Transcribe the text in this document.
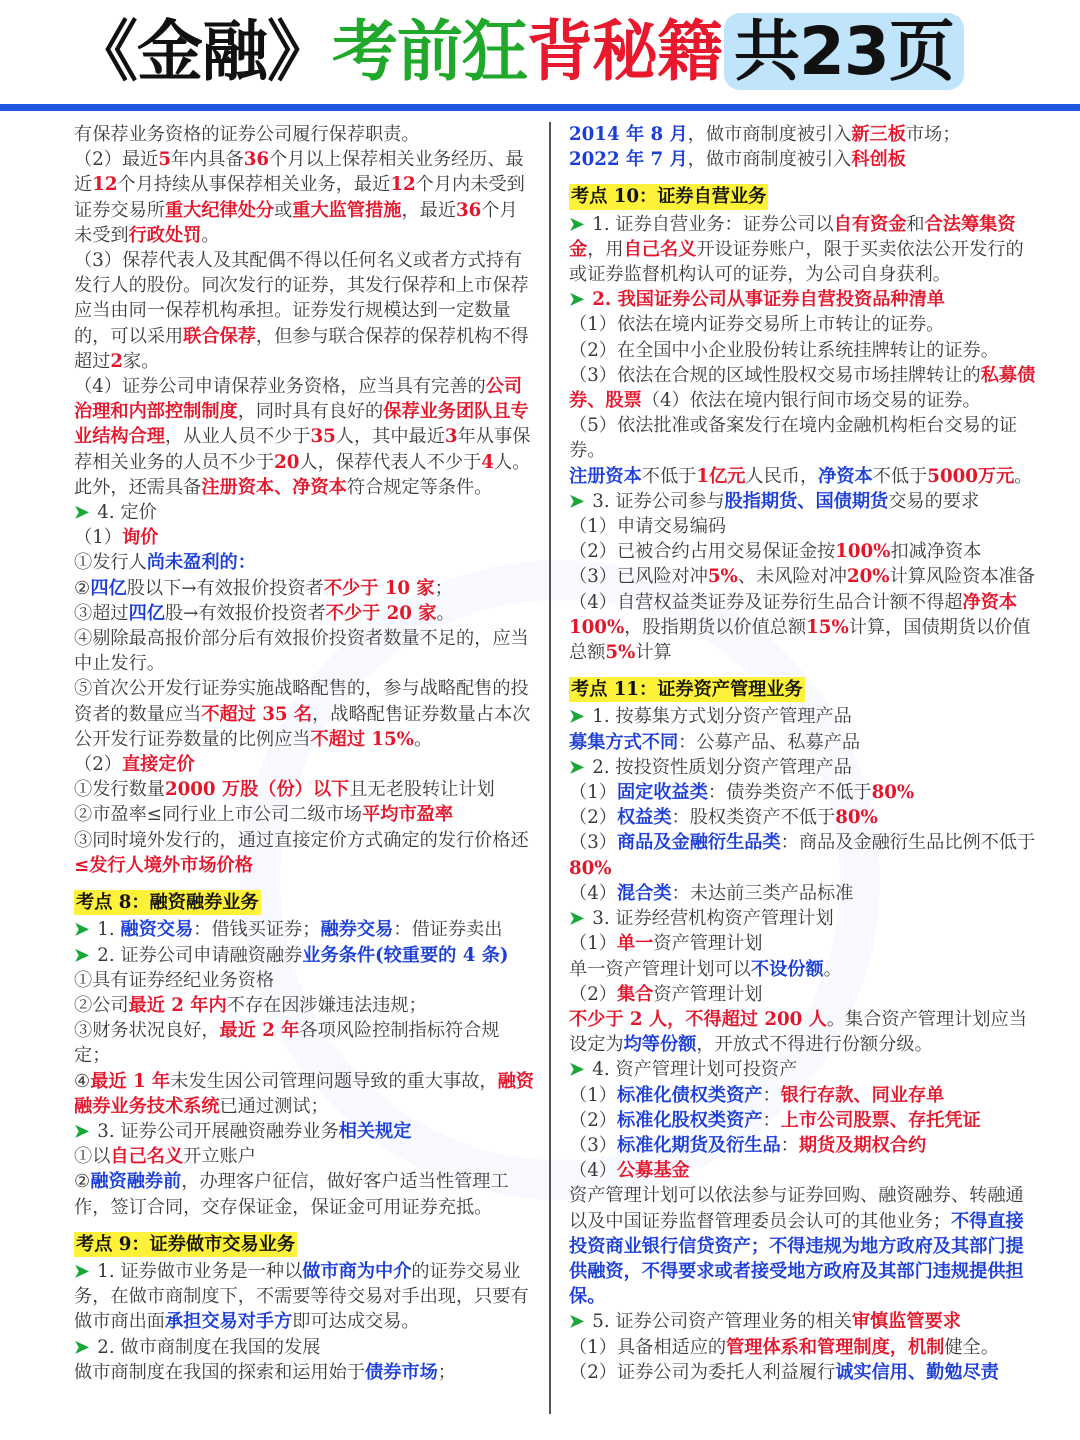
《金融》考前狂背秘籍 共23页

有保荐业务资格的证券公司履行保荐职责。

（2）最近5年内具备36个月以上保荐相关业务经历、最近12个月持续从事保荐相关业务，最近12个月内未受到证券交易所重大纪律处分或重大监管措施，最近36个月未受到行政处罚。

（3）保荐代表人及其配偶不得以任何名义或者方式持有发行人的股份。同次发行的证券，其发行保荐和上市保荐应当由同一保荐机构承担。证券发行规模达到一定数量的，可以采用联合保荐，但参与联合保荐的保荐机构不得超过2家。

（4）证券公司申请保荐业务资格，应当具有完善的公司治理和内部控制制度，同时具有良好的保荐业务团队且专业结构合理，从业人员不少于35人，其中最近3年从事保荐相关业务的人员不少于20人，保荐代表人不少于4人。此外，还需具备注册资本、净资本符合规定等条件。

➤ 4. 定价

（1）询价

①发行人尚未盈利的：

②四亿股以下→有效报价投资者不少于 10 家；

③超过四亿股→有效报价投资者不少于 20 家。

④剔除最高报价部分后有效报价投资者数量不足的，应当中止发行。

⑤首次公开发行证券实施战略配售的，参与战略配售的投资者的数量应当不超过 35 名，战略配售证券数量占本次公开发行证券数量的比例应当不超过 15%。

（2）直接定价

①发行数量2000 万股（份）以下且无老股转让计划

②市盈率≤同行业上市公司二级市场平均市盈率

③同时境外发行的，通过直接定价方式确定的发行价格还≤发行人境外市场价格

考点 8：融资融券业务

➤ 1. 融资交易：借钱买证券；融券交易：借证券卖出

➤ 2. 证券公司申请融资融券业务条件(较重要的 4 条)

①具有证券经纪业务资格

②公司最近 2 年内不存在因涉嫌违法违规；

③财务状况良好，最近 2 年各项风险控制指标符合规定；

④最近 1 年未发生因公司管理问题导致的重大事故，融资融券业务技术系统已通过测试；

➤ 3. 证券公司开展融资融券业务相关规定

①以自己名义开立账户

②融资融券前，办理客户征信，做好客户适当性管理工作，签订合同，交存保证金，保证金可用证券充抵。

考点 9：证券做市交易业务

➤ 1. 证券做市业务是一种以做市商为中介的证券交易业务，在做市商制度下，不需要等待交易对手出现，只要有做市商出面承担交易对手方即可达成交易。

➤ 2. 做市商制度在我国的发展

做市商制度在我国的探索和运用始于债券市场；

2014 年 8 月，做市商制度被引入新三板市场；

2022 年 7 月，做市商制度被引入科创板

考点 10：证券自营业务

➤ 1. 证券自营业务：证券公司以自有资金和合法筹集资金，用自己名义开设证券账户，限于买卖依法公开发行的或证券监督机构认可的证券，为公司自身获利。

➤ 2. 我国证券公司从事证券自营投资品种清单

（1）依法在境内证券交易所上市转让的证券。

（2）在全国中小企业股份转让系统挂牌转让的证券。

（3）依法在合规的区域性股权交易市场挂牌转让的私募债券、股票（4）依法在境内银行间市场交易的证券。

（5）依法批准或备案发行在境内金融机构柜台交易的证券。

注册资本不低于1亿元人民币，净资本不低于5000万元。

➤ 3. 证券公司参与股指期货、国债期货交易的要求

（1）申请交易编码

（2）已被合约占用交易保证金按100%扣减净资本

（3）已风险对冲5%、未风险对冲20%计算风险资本准备

（4）自营权益类证券及证券衍生品合计额不得超净资本100%，股指期货以价值总额15%计算，国债期货以价值总额5%计算

考点 11：证券资产管理业务

➤ 1. 按募集方式划分资产管理产品

募集方式不同：公募产品、私募产品

➤ 2. 按投资性质划分资产管理产品

（1）固定收益类：债券类资产不低于80%

（2）权益类：股权类资产不低于80%

（3）商品及金融衍生品类：商品及金融衍生品比例不低于80%

（4）混合类：未达前三类产品标准

➤ 3. 证券经营机构资产管理计划

（1）单一资产管理计划

单一资产管理计划可以不设份额。

（2）集合资产管理计划

不少于 2 人，不得超过 200 人。集合资产管理计划应当设定为均等份额，开放式不得进行份额分级。

➤ 4. 资产管理计划可投资产

（1）标准化债权类资产：银行存款、同业存单

（2）标准化股权类资产：上市公司股票、存托凭证

（3）标准化期货及衍生品：期货及期权合约

（4）公募基金

资产管理计划可以依法参与证券回购、融资融券、转融通以及中国证券监督管理委员会认可的其他业务；不得直接投资商业银行信贷资产；不得违规为地方政府及其部门提供融资，不得要求或者接受地方政府及其部门违规提供担保。

➤ 5. 证券公司资产管理业务的相关审慎监管要求

（1）具备相适应的管理体系和管理制度，机制健全。

（2）证券公司为委托人利益履行诚实信用、勤勉尽责
